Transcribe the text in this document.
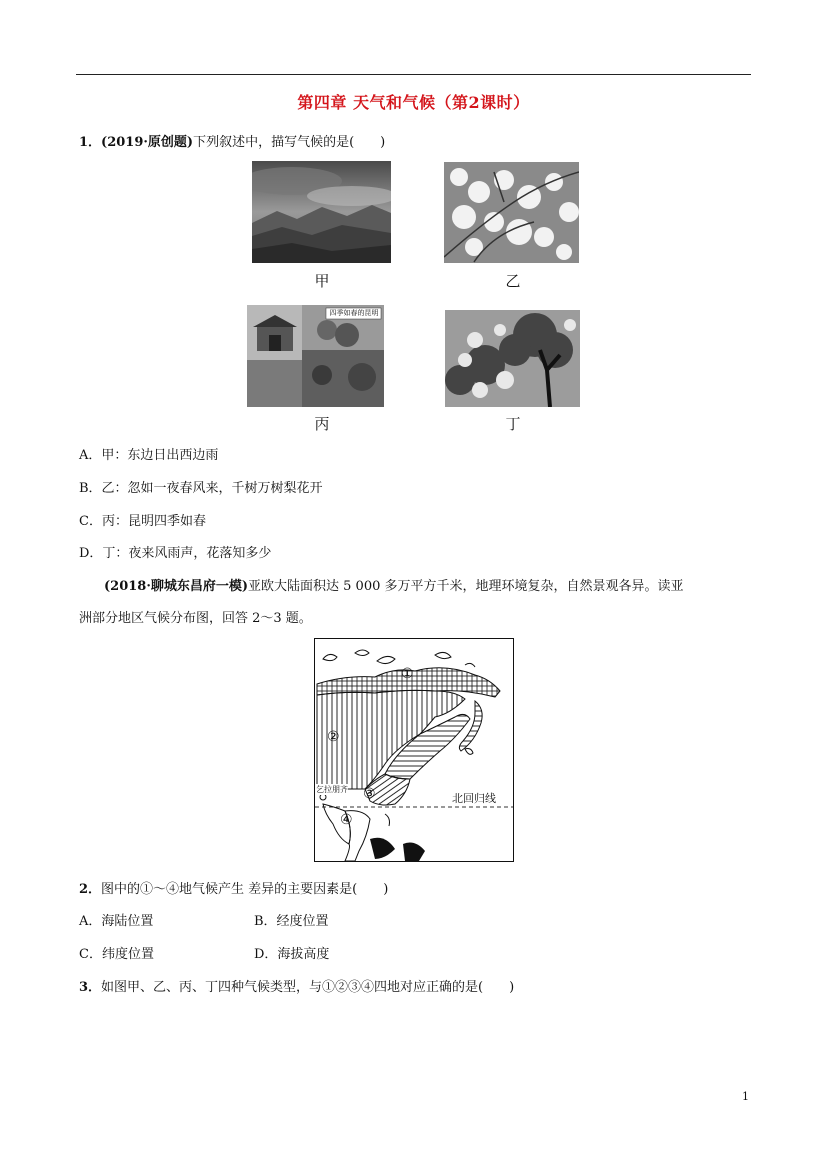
第四章 天气和气候（第2课时）
1．(2019·原创题)下列叙述中，描写气候的是(　　)
甲	乙
四季如春的昆明
丙	丁
A．甲：东边日出西边雨
B．乙：忽如一夜春风来，千树万树梨花开
C．丙：昆明四季如春
D．丁：夜来风雨声，花落知多少
(2018·聊城东昌府一模)亚欧大陆面积达 5 000 多万平方千米，地理环境复杂，自然景观各异。读亚
洲部分地区气候分布图，回答 2～3 题。
①
②
③
④
乞拉朋齐
北回归线
2．图中的①～④地气候产生 差异的主要因素是(　　)
A．海陆位置	B．经度位置
C．纬度位置	D．海拔高度
3．如图甲、乙、丙、丁四种气候类型，与①②③④四地对应正确的是(　　)
1
